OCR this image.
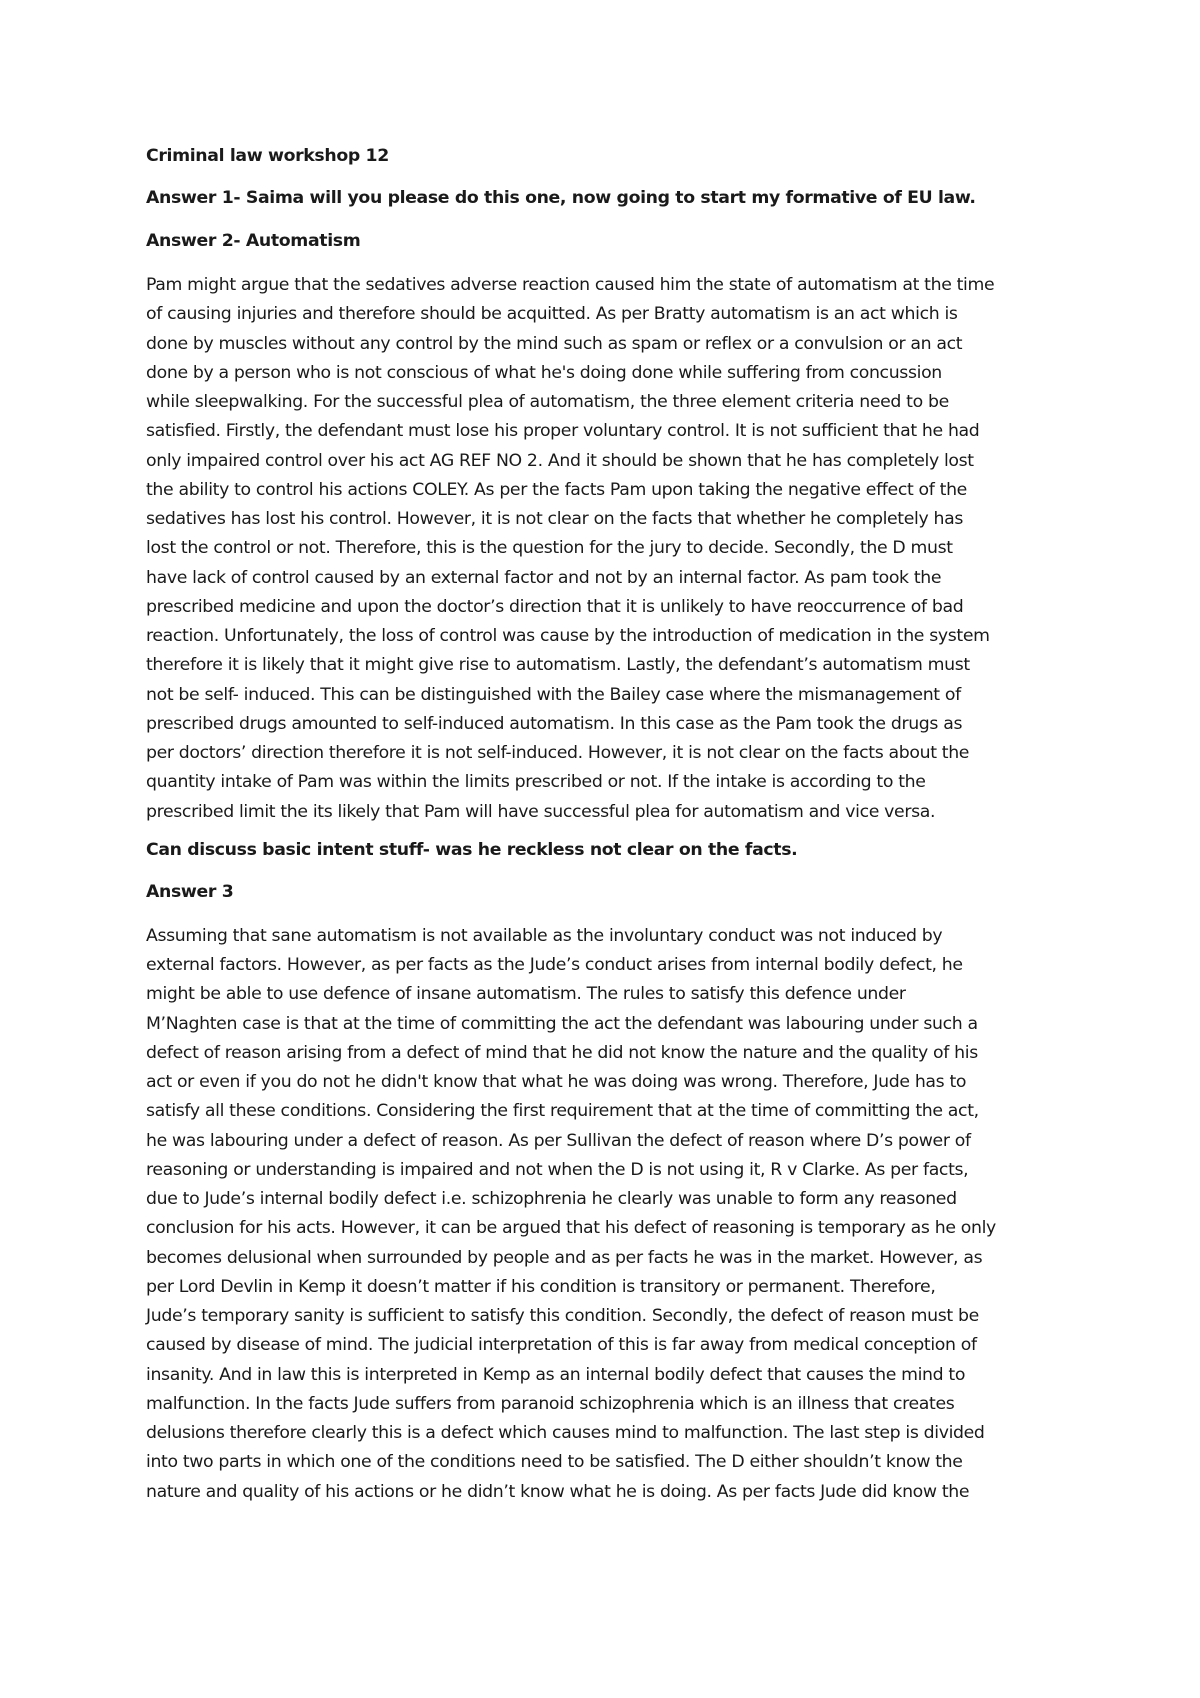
Criminal law workshop 12

Answer 1- Saima will you please do this one, now going to start my formative of EU law.

Answer 2- Automatism

Pam might argue that the sedatives adverse reaction caused him the state of automatism at the time
of causing injuries and therefore should be acquitted. As per Bratty automatism is an act which is
done by muscles without any control by the mind such as spam or reflex or a convulsion or an act
done by a person who is not conscious of what he's doing done while suffering from concussion
while sleepwalking. For the successful plea of automatism, the three element criteria need to be
satisfied. Firstly, the defendant must lose his proper voluntary control. It is not sufficient that he had
only impaired control over his act AG REF NO 2. And it should be shown that he has completely lost
the ability to control his actions COLEY. As per the facts Pam upon taking the negative effect of the
sedatives has lost his control. However, it is not clear on the facts that whether he completely has
lost the control or not. Therefore, this is the question for the jury to decide. Secondly, the D must
have lack of control caused by an external factor and not by an internal factor. As pam took the
prescribed medicine and upon the doctor’s direction that it is unlikely to have reoccurrence of bad
reaction. Unfortunately, the loss of control was cause by the introduction of medication in the system
therefore it is likely that it might give rise to automatism. Lastly, the defendant’s automatism must
not be self- induced. This can be distinguished with the Bailey case where the mismanagement of
prescribed drugs amounted to self-induced automatism. In this case as the Pam took the drugs as
per doctors’ direction therefore it is not self-induced. However, it is not clear on the facts about the
quantity intake of Pam was within the limits prescribed or not. If the intake is according to the
prescribed limit the its likely that Pam will have successful plea for automatism and vice versa.

Can discuss basic intent stuff- was he reckless not clear on the facts.

Answer 3

Assuming that sane automatism is not available as the involuntary conduct was not induced by
external factors. However, as per facts as the Jude’s conduct arises from internal bodily defect, he
might be able to use defence of insane automatism. The rules to satisfy this defence under
M’Naghten case is that at the time of committing the act the defendant was labouring under such a
defect of reason arising from a defect of mind that he did not know the nature and the quality of his
act or even if you do not he didn't know that what he was doing was wrong. Therefore, Jude has to
satisfy all these conditions. Considering the first requirement that at the time of committing the act,
he was labouring under a defect of reason. As per Sullivan the defect of reason where D’s power of
reasoning or understanding is impaired and not when the D is not using it, R v Clarke. As per facts,
due to Jude’s internal bodily defect i.e. schizophrenia he clearly was unable to form any reasoned
conclusion for his acts. However, it can be argued that his defect of reasoning is temporary as he only
becomes delusional when surrounded by people and as per facts he was in the market. However, as
per Lord Devlin in Kemp it doesn’t matter if his condition is transitory or permanent. Therefore,
Jude’s temporary sanity is sufficient to satisfy this condition. Secondly, the defect of reason must be
caused by disease of mind. The judicial interpretation of this is far away from medical conception of
insanity. And in law this is interpreted in Kemp as an internal bodily defect that causes the mind to
malfunction. In the facts Jude suffers from paranoid schizophrenia which is an illness that creates
delusions therefore clearly this is a defect which causes mind to malfunction. The last step is divided
into two parts in which one of the conditions need to be satisfied. The D either shouldn’t know the
nature and quality of his actions or he didn’t know what he is doing. As per facts Jude did know the
